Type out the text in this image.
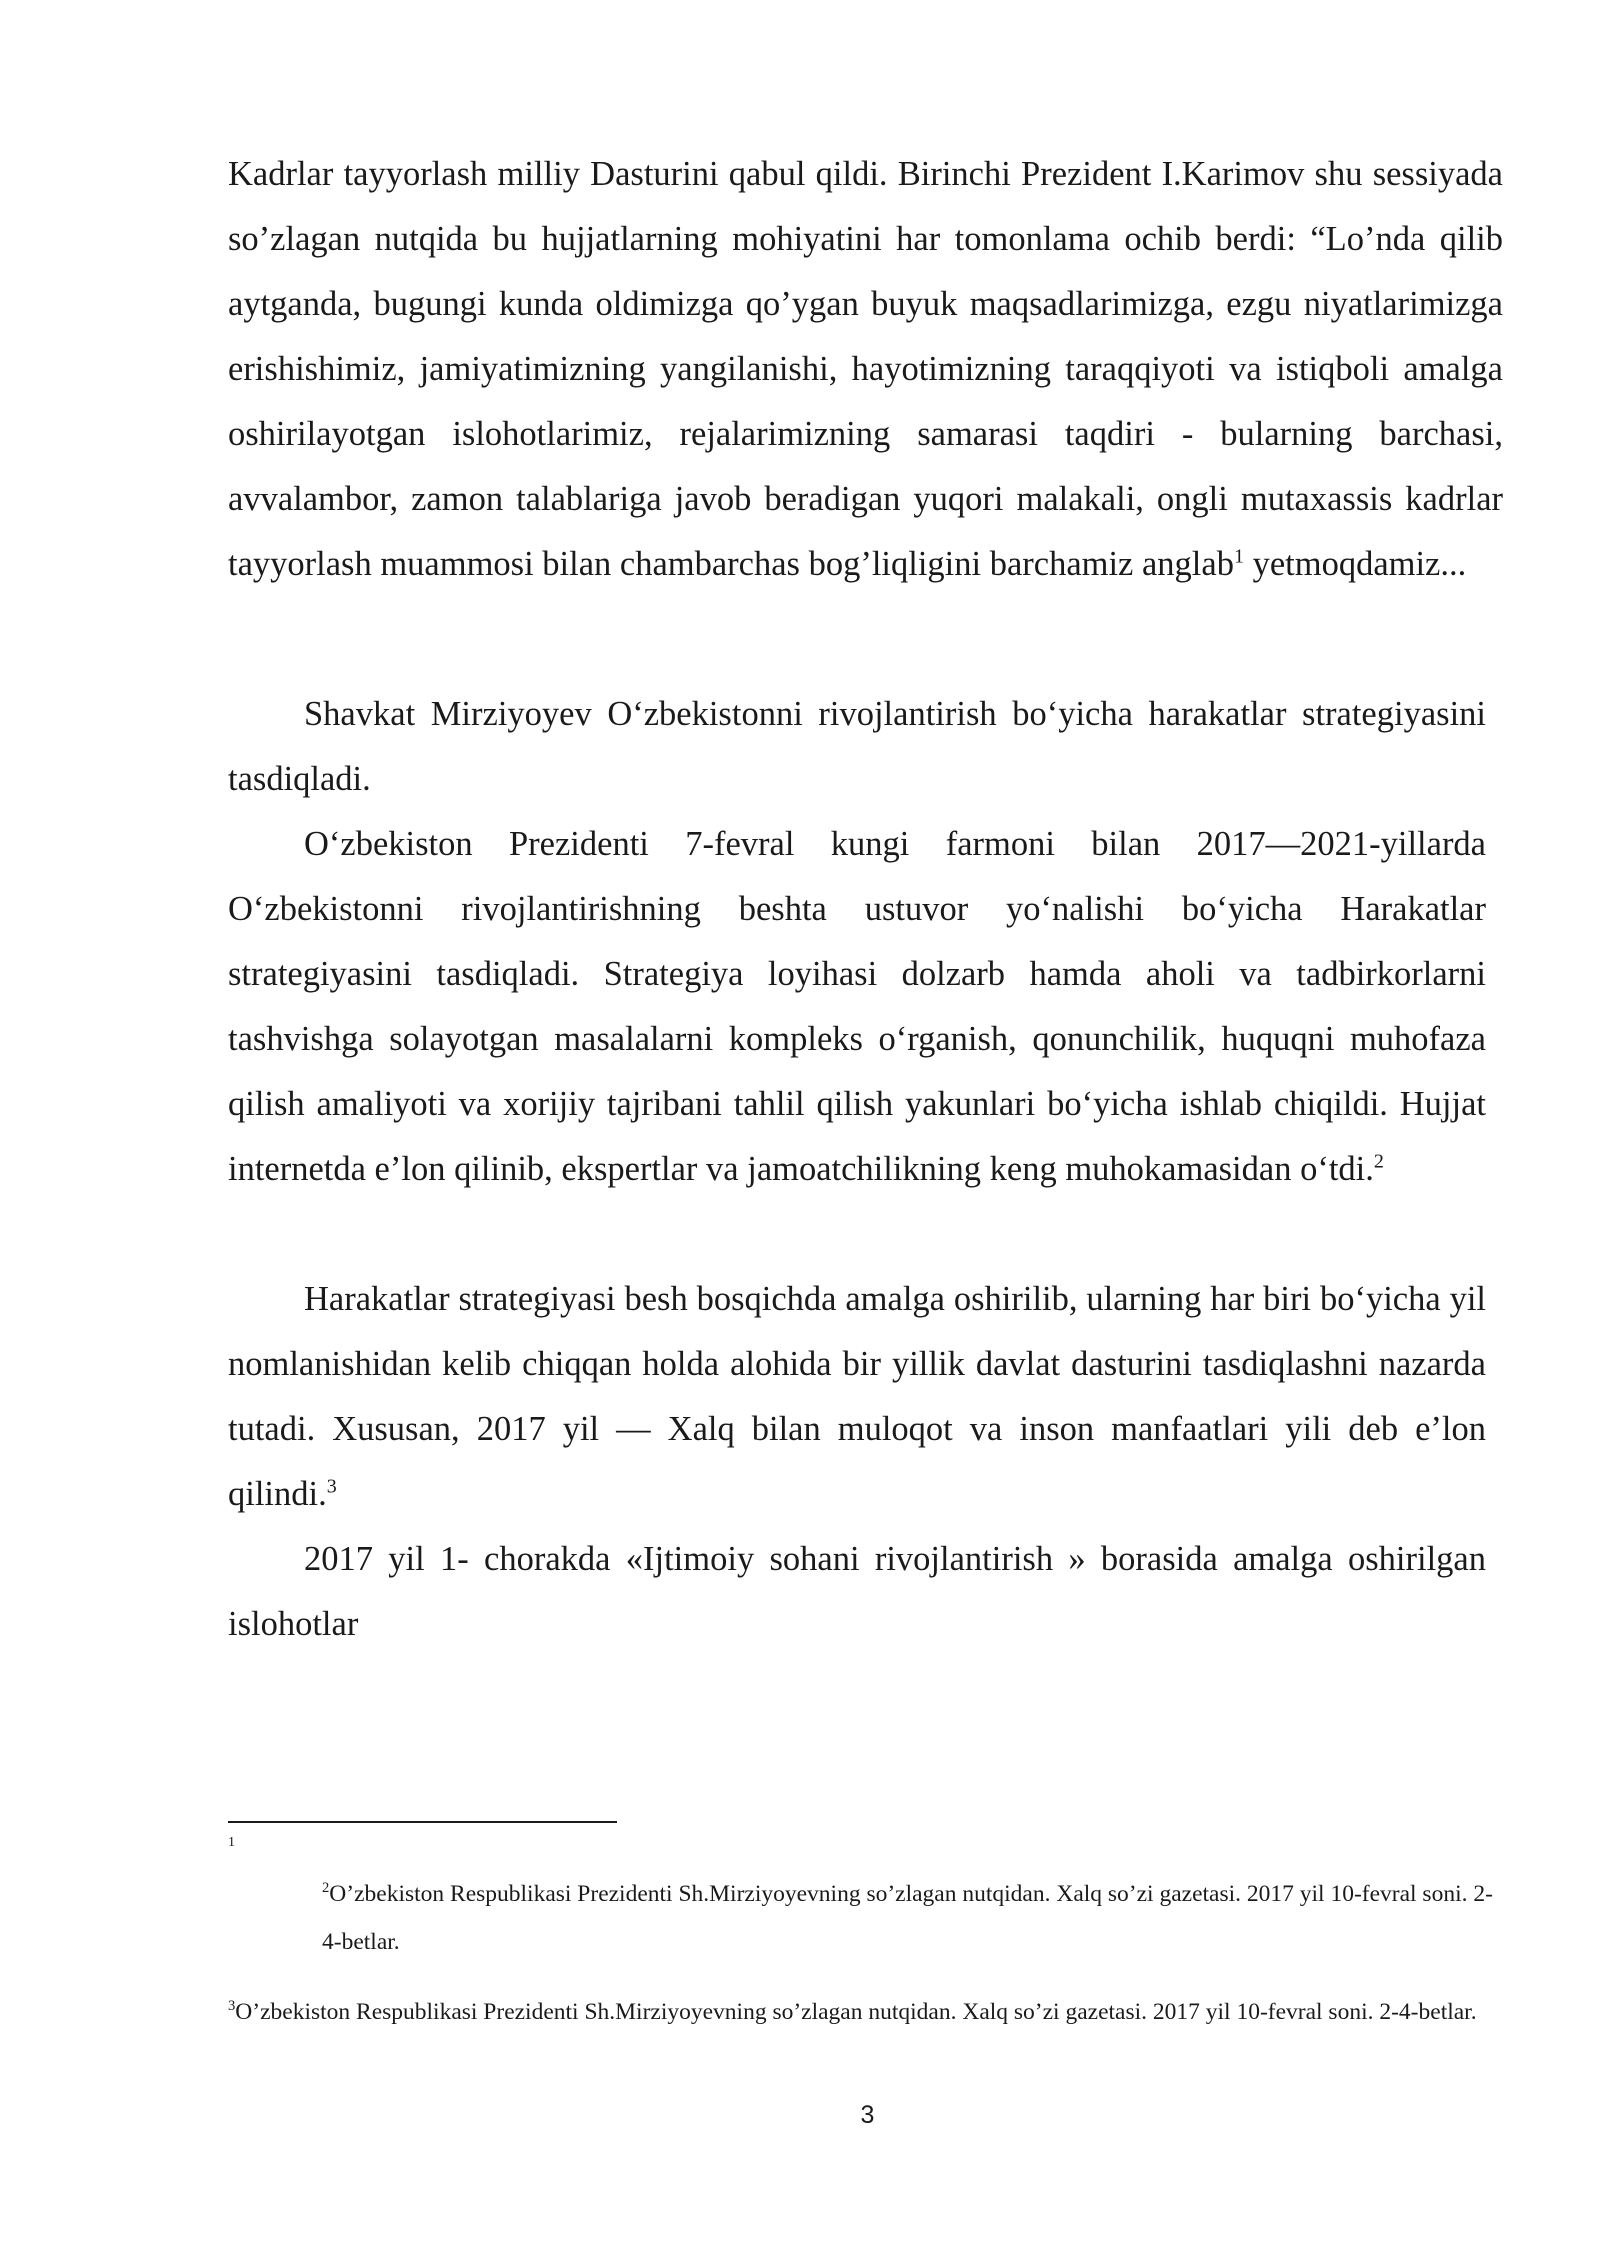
Kadrlar tayyorlash milliy Dasturini qabul qildi. Birinchi Prezident I.Karimov shu sessiyada so’zlagan nutqida bu hujjatlarning mohiyatini har tomonlama ochib berdi: “Lo’nda qilib aytganda, bugungi kunda oldimizga qo’ygan buyuk maqsadlarimizga, ezgu niyatlarimizga erishishimiz, jamiyatimizning yangilanishi, hayotimizning taraqqiyoti va istiqboli amalga oshirilayotgan islohotlarimiz, rejalarimizning samarasi taqdiri - bularning barchasi, avvalambor, zamon talablariga javob beradigan yuqori malakali, ongli mutaxassis kadrlar tayyorlash muammosi bilan chambarchas bog’liqligini barchamiz anglab$^1$ yetmoqdamiz...

Shavkat Mirziyoyev O‘zbekistonni rivojlantirish bo‘yicha harakatlar strategiyasini tasdiqladi.

O‘zbekiston Prezidenti 7-fevral kungi farmoni bilan 2017—2021-yillarda O‘zbekistonni rivojlantirishning beshta ustuvor yo‘nalishi bo‘yicha Harakatlar strategiyasini tasdiqladi. Strategiya loyihasi dolzarb hamda aholi va tadbirkorlarni tashvishga solayotgan masalalarni kompleks o‘rganish, qonunchilik, huquqni muhofaza qilish amaliyoti va xorijiy tajribani tahlil qilish yakunlari bo‘yicha ishlab chiqildi. Hujjat internetda e’lon qilinib, ekspertlar va jamoatchilikning keng muhokamasidan o‘tdi.$^2$

Harakatlar strategiyasi besh bosqichda amalga oshirilib, ularning har biri bo‘yicha yil nomlanishidan kelib chiqqan holda alohida bir yillik davlat dasturini tasdiqlashni nazarda tutadi. Xususan, 2017 yil — Xalq bilan muloqot va inson manfaatlari yili deb e’lon qilindi.$^3$

2017 yil 1- chorakda «Ijtimoiy sohani rivojlantirish » borasida amalga oshirilgan islohotlar

1

$^2$O’zbekiston Respublikasi Prezidenti Sh.Mirziyoyevning so’zlagan nutqidan. Xalq so’zi gazetasi. 2017 yil 10-fevral soni. 2-4-betlar.

$^3$O’zbekiston Respublikasi Prezidenti Sh.Mirziyoyevning so’zlagan nutqidan. Xalq so’zi gazetasi. 2017 yil 10-fevral soni. 2-4-betlar.

3
